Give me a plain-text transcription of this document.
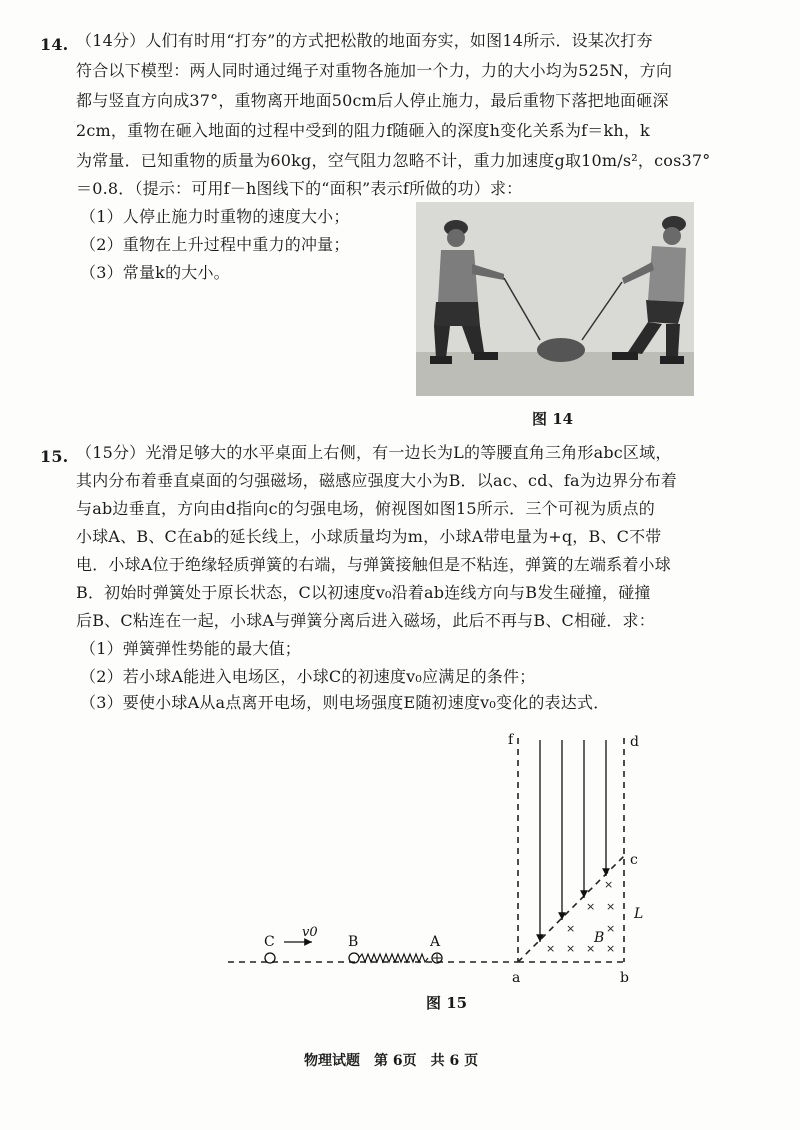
14. （14分）人们有时用“打夯”的方式把松散的地面夯实，如图14所示．设某次打夯
符合以下模型：两人同时通过绳子对重物各施加一个力，力的大小均为525N，方向
都与竖直方向成37°，重物离开地面50cm后人停止施力，最后重物下落把地面砸深
2cm，重物在砸入地面的过程中受到的阻力f随砸入的深度h变化关系为f＝kh，k
为常量．已知重物的质量为60kg，空气阻力忽略不计，重力加速度g取10m/s²，cos37°
＝0.8．（提示：可用f－h图线下的“面积”表示f所做的功）求：
（1）人停止施力时重物的速度大小；
（2）重物在上升过程中重力的冲量；
（3）常量k的大小。
图 14
15. （15分）光滑足够大的水平桌面上右侧，有一边长为L的等腰直角三角形abc区域，
其内分布着垂直桌面的匀强磁场，磁感应强度大小为B．以ac、cd、fa为边界分布着
与ab边垂直，方向由d指向c的匀强电场，俯视图如图15所示．三个可视为质点的
小球A、B、C在ab的延长线上，小球质量均为m，小球A带电量为+q，B、C不带
电．小球A位于绝缘轻质弹簧的右端，与弹簧接触但是不粘连，弹簧的左端系着小球
B．初始时弹簧处于原长状态，C以初速度v₀沿着ab连线方向与B发生碰撞，碰撞
后B、C粘连在一起，小球A与弹簧分离后进入磁场，此后不再与B、C相碰．求：
（1）弹簧弹性势能的最大值；
（2）若小球A能进入电场区，小球C的初速度v₀应满足的条件；
（3）要使小球A从a点离开电场，则电场强度E随初速度v₀变化的表达式．
×
× ×
×	×
× × × ×
f	d
c
L
B
a	b
C	B	A
v0
图 15
物理试题　第 6页　共 6 页
